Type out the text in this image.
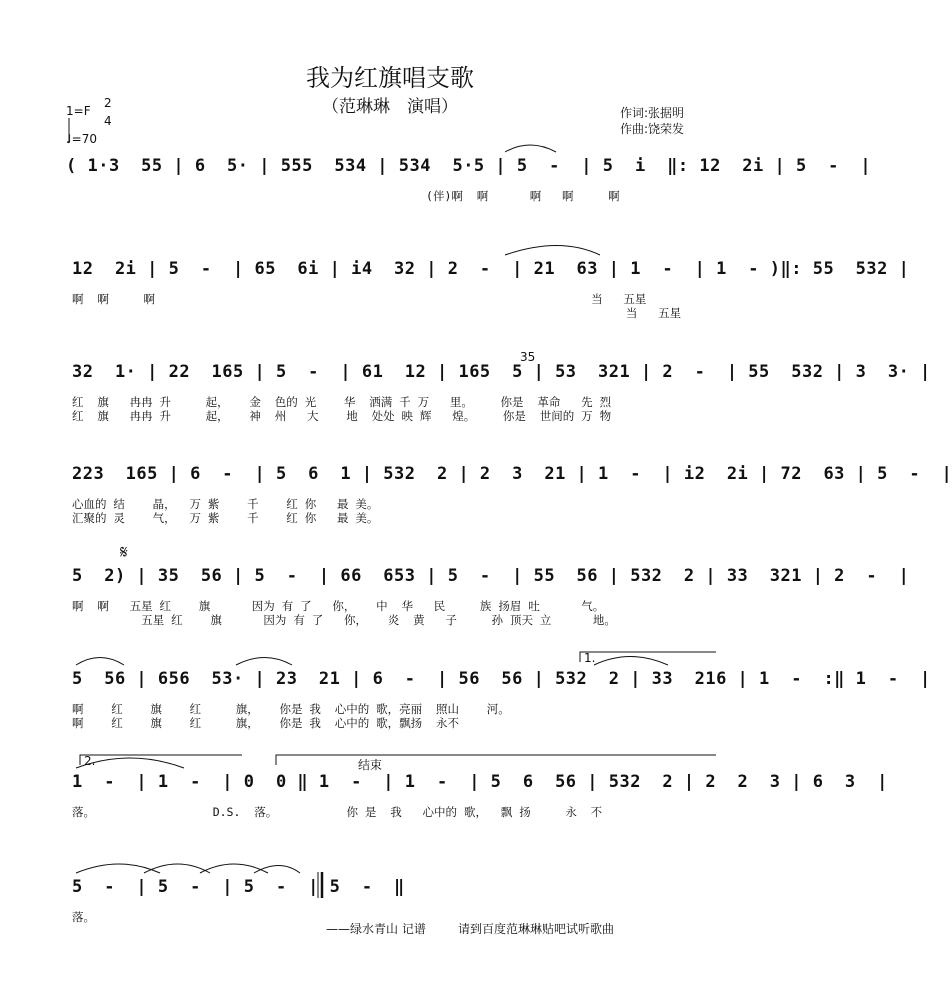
我为红旗唱支歌
（范琳琳　演唱）
1=F
2
4
♩=70
作词:张据明
作曲:饶荣发
( 1·3  55 | 6  5· | 555  534 | 534  5·5 | 5  -  | 5  i  ‖: 12  2i | 5  -  |
(伴)啊  啊      啊   啊     啊
12  2i | 5  -  | 65  6i | i4  32 | 2  -  | 21  63 | 1  -  | 1  - )‖: 55  532 |
啊  啊     啊                                                               当   五星
当   五星
32  1· | 22  165 | 5  -  | 61  12 | 165  5 | 53  321 | 2  -  | 55  532 | 3  3· |
红  旗   冉冉 升     起，   金  色的 光    华  洒满 千 万   里。    你是  革命   先 烈
红  旗   冉冉 升     起，   神  州   大    地  处处 映 辉   煌。    你是  世间的 万 物
35
223  165 | 6  -  | 5  6  1 | 532  2 | 2  3  21 | 1  -  | i2  2i | 72  63 | 5  -  |
心血的 结    晶，  万 紫    千    红 你   最 美。
汇聚的 灵    气，  万 紫    千    红 你   最 美。
𝄋
5  2) | 35  56 | 5  -  | 66  653 | 5  -  | 55  56 | 532  2 | 33  321 | 2  -  |
啊  啊   五星 红    旗      因为 有 了   你，   中  华   民     族 扬眉 吐      气。
五星 红    旗      因为 有 了   你，   炎  黄   子     孙 顶天 立      地。
1.
5  56 | 656  53· | 23  21 | 6  -  | 56  56 | 532  2 | 33  216 | 1  -  :‖ 1  -  |
啊    红    旗    红     旗，   你是 我  心中的 歌，亮丽  照山    河。
啊    红    旗    红     旗，   你是 我  心中的 歌，飘扬  永不
2.	结束
1  -  | 1  -  | 0  0 ‖ 1  -  | 1  -  | 5  6  56 | 532  2 | 2  2  3 | 6  3  |
落。                 D.S.  落。          你 是  我   心中的 歌，  飘 扬     永  不
5  -  | 5  -  | 5  -  | 5  -  ‖
落。
——绿水青山 记谱	请到百度范琳琳贴吧试听歌曲
